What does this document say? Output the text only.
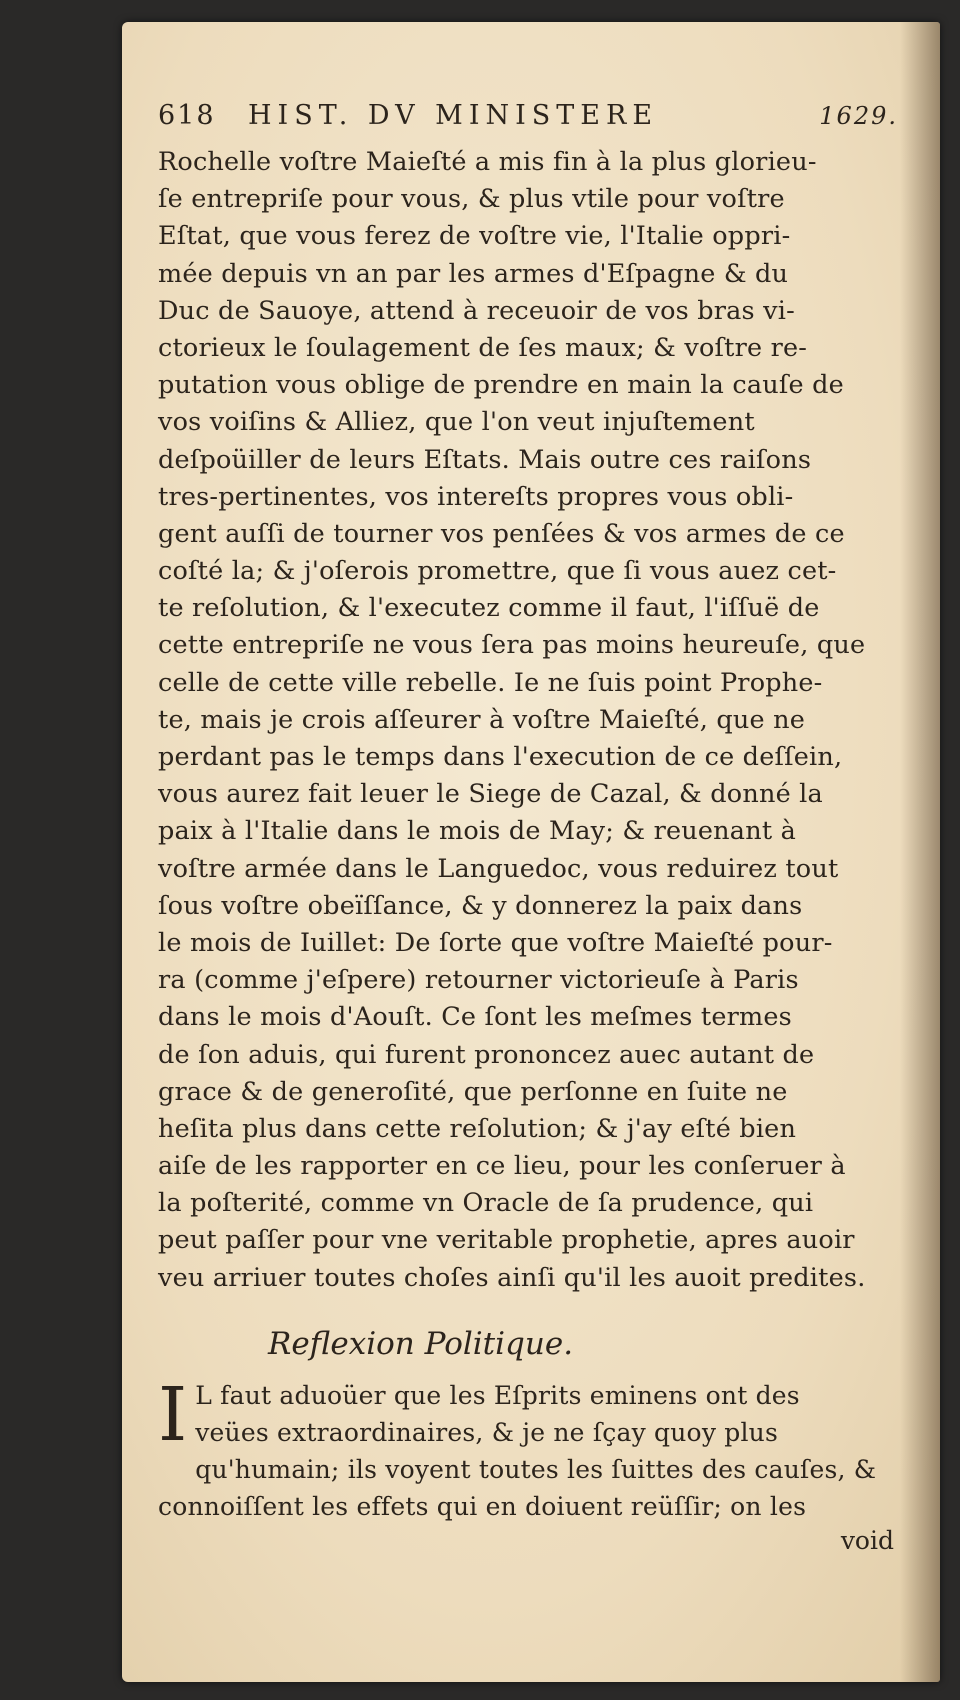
618	HIST. DV MINISTERE	1629.
Rochelle voſtre Maieſté a mis fin à la plus glorieu-
ſe entrepriſe pour vous, & plus vtile pour voſtre
Eſtat, que vous ferez de voſtre vie, l'Italie oppri-
mée depuis vn an par les armes d'Eſpagne & du
Duc de Sauoye, attend à receuoir de vos bras vi-
ctorieux le ſoulagement de ſes maux; & voſtre re-
putation vous oblige de prendre en main la cauſe de
vos voiſins & Alliez, que l'on veut injuſtement
deſpoüiller de leurs Eſtats. Mais outre ces raiſons
tres-pertinentes, vos intereſts propres vous obli-
gent auſſi de tourner vos penſées & vos armes de ce
coſté la; & j'oſerois promettre, que ſi vous auez cet-
te reſolution, & l'executez comme il faut, l'iſſuë de
cette entrepriſe ne vous ſera pas moins heureuſe, que
celle de cette ville rebelle. Ie ne ſuis point Prophe-
te, mais je crois aſſeurer à voſtre Maieſté, que ne
perdant pas le temps dans l'execution de ce deſſein,
vous aurez fait leuer le Siege de Cazal, & donné la
paix à l'Italie dans le mois de May; & reuenant à
voſtre armée dans le Languedoc, vous reduirez tout
ſous voſtre obeïſſance, & y donnerez la paix dans
le mois de Iuillet: De ſorte que voſtre Maieſté pour-
ra (comme j'eſpere) retourner victorieuſe à Paris
dans le mois d'Aouſt. Ce ſont les meſmes termes
de ſon aduis, qui furent prononcez auec autant de
grace & de generoſité, que perſonne en ſuite ne
heſita plus dans cette reſolution; & j'ay eſté bien
aiſe de les rapporter en ce lieu, pour les conſeruer à
la poſterité, comme vn Oracle de ſa prudence, qui
peut paſſer pour vne veritable prophetie, apres auoir
veu arriuer toutes choſes ainſi qu'il les auoit predites.
Reflexion Politique.
I L faut aduoüer que les Eſprits eminens ont des
veües extraordinaires, & je ne ſçay quoy plus
qu'humain; ils voyent toutes les ſuittes des cauſes, &
connoiſſent les effets qui en doiuent reüſſir; on les
void
